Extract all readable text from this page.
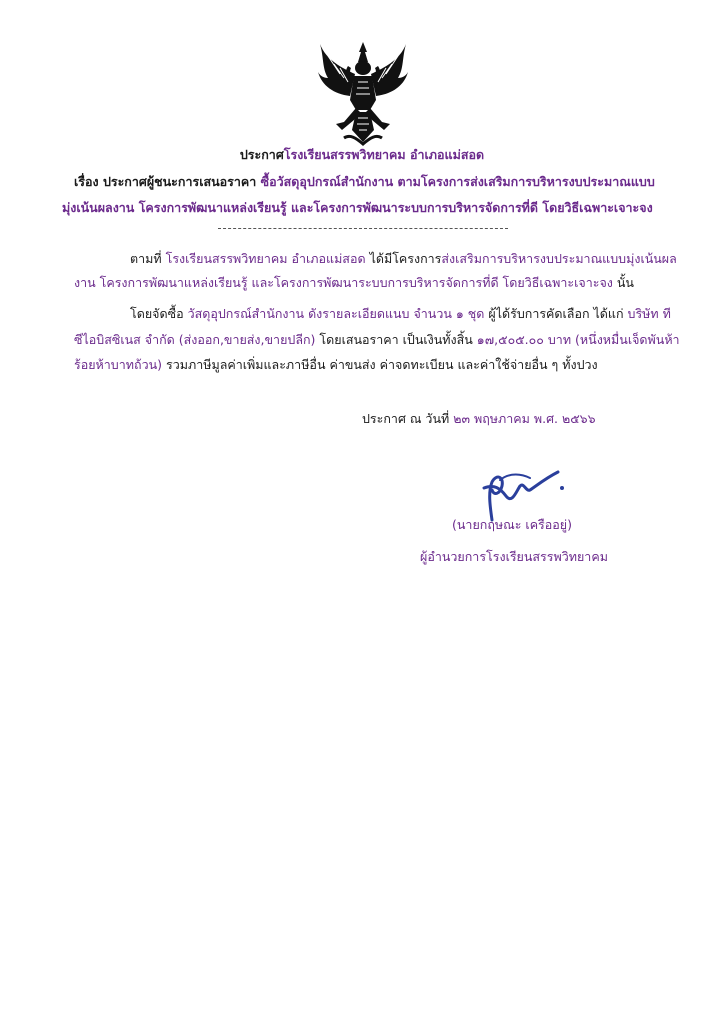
ประกาศโรงเรียนสรรพวิทยาคม อำเภอแม่สอด
เรื่อง ประกาศผู้ชนะการเสนอราคา ซื้อวัสดุอุปกรณ์สำนักงาน ตามโครงการส่งเสริมการบริหารงบประมาณแบบ
มุ่งเน้นผลงาน โครงการพัฒนาแหล่งเรียนรู้ และโครงการพัฒนาระบบการบริหารจัดการที่ดี โดยวิธีเฉพาะเจาะจง
ตามที่ โรงเรียนสรรพวิทยาคม อำเภอแม่สอด ได้มีโครงการส่งเสริมการบริหารงบประมาณแบบมุ่งเน้นผล
งาน โครงการพัฒนาแหล่งเรียนรู้ และโครงการพัฒนาระบบการบริหารจัดการที่ดี โดยวิธีเฉพาะเจาะจง นั้น
โดยจัดซื้อ วัสดุอุปกรณ์สำนักงาน ดังรายละเอียดแนบ จำนวน ๑ ชุด ผู้ได้รับการคัดเลือก ได้แก่ บริษัท ที
ซีไอบิสซิเนส จำกัด (ส่งออก,ขายส่ง,ขายปลีก) โดยเสนอราคา เป็นเงินทั้งสิ้น ๑๗,๕๐๕.๐๐ บาท (หนึ่งหมื่นเจ็ดพันห้า
ร้อยห้าบาทถ้วน) รวมภาษีมูลค่าเพิ่มและภาษีอื่น ค่าขนส่ง ค่าจดทะเบียน และค่าใช้จ่ายอื่น ๆ ทั้งปวง
ประกาศ ณ วันที่ ๒๓ พฤษภาคม พ.ศ. ๒๕๖๖
(นายกฤษณะ เครืออยู่)
ผู้อำนวยการโรงเรียนสรรพวิทยาคม
